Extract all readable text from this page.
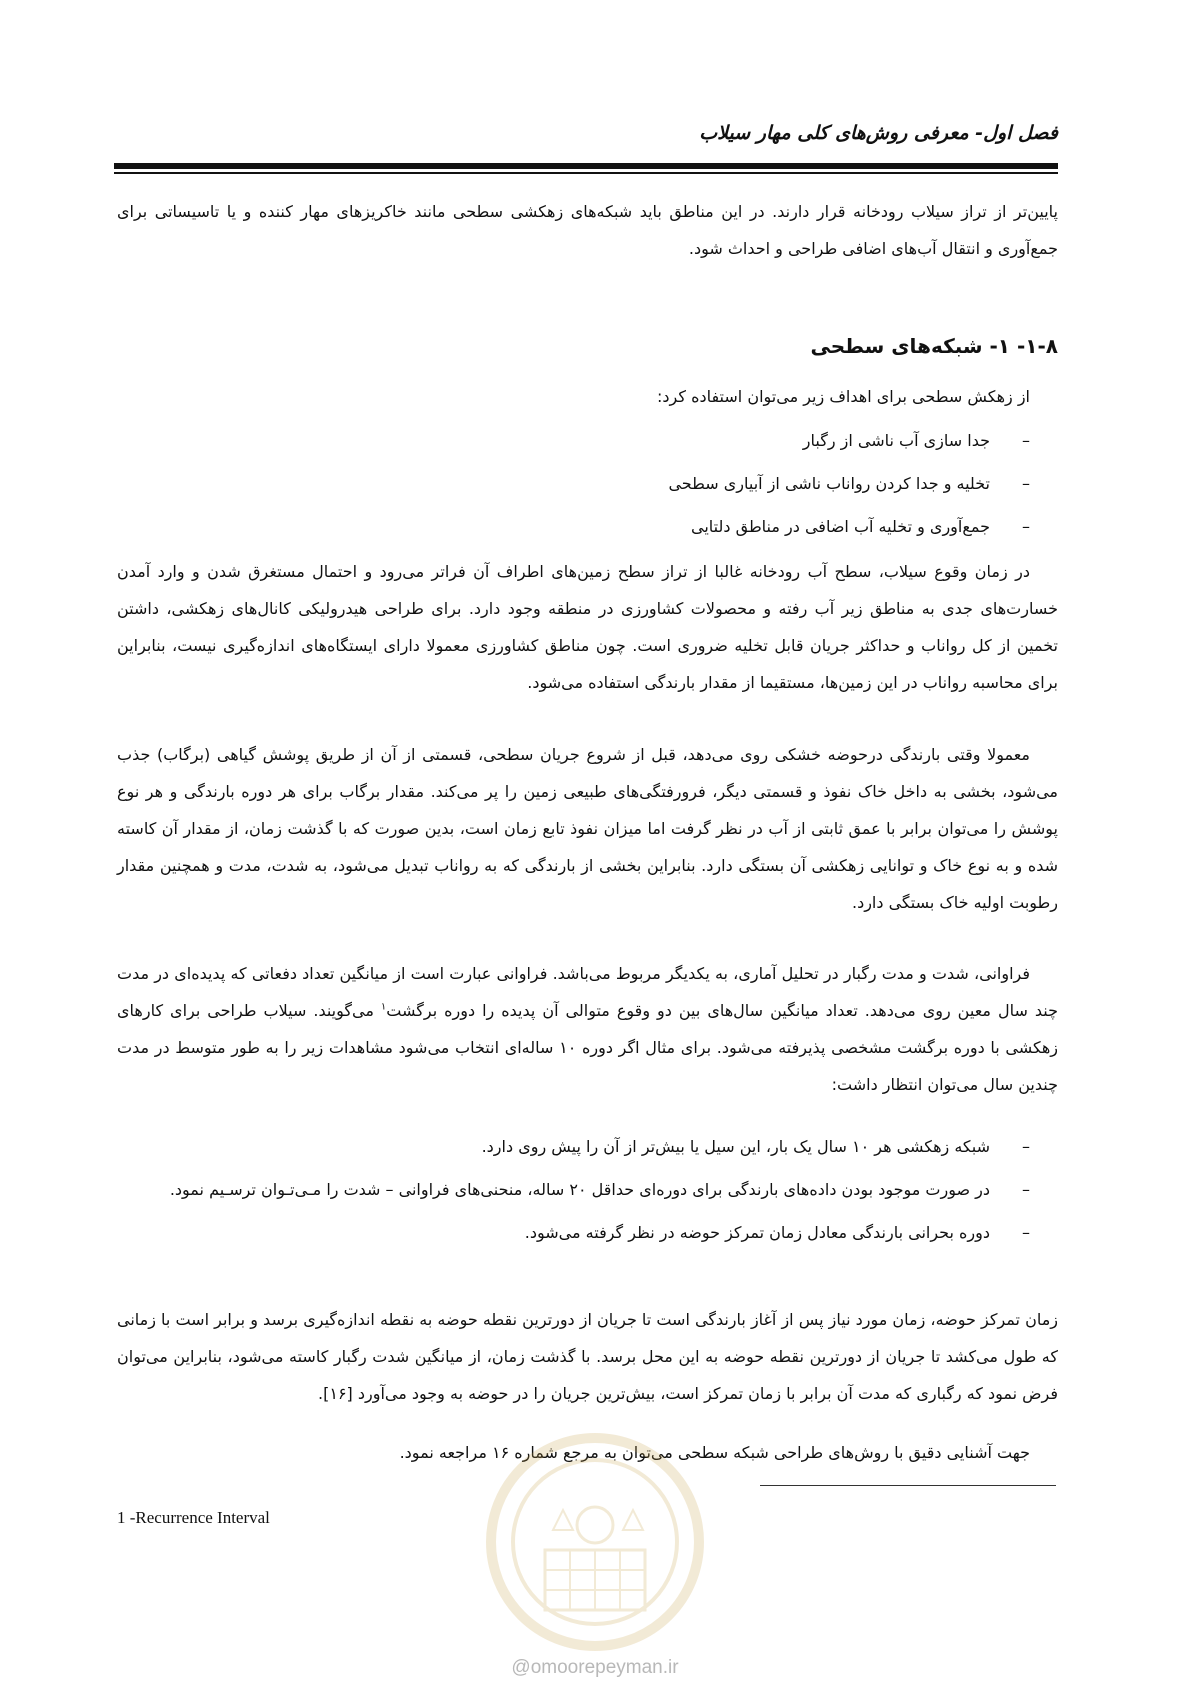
فصل اول- معرفی روش‌های کلی مهار سیلاب
پایین‌تر از تراز سیلاب رودخانه قرار دارند. در این مناطق باید شبکه‌های زهکشی سطحی مانند خاکریزهای مهار کننده و یا تاسیساتی برای جمع‌آوری و انتقال آب‌های اضافی طراحی و احداث شود.
۱-۸- ۱- شبکه‌های سطحی
از زهکش سطحی برای اهداف زیر می‌توان استفاده کرد:
–
جدا سازی آب ناشی از رگبار
–
تخلیه و جدا کردن رواناب ناشی از آبیاری سطحی
–
جمع‌آوری و تخلیه آب اضافی در مناطق دلتایی
در زمان وقوع سیلاب، سطح آب رودخانه غالبا از تراز سطح زمین‌های اطراف آن فراتر می‌رود و احتمال مستغرق شدن و وارد آمدن خسارت‌های جدی به مناطق زیر آب رفته و محصولات کشاورزی در منطقه وجود دارد. برای طراحی هیدرولیکی کانال‌های زهکشی، داشتن تخمین از کل رواناب و حداکثر جریان قابل تخلیه ضروری است. چون مناطق کشاورزی معمولا دارای ایستگاه‌های اندازه‌گیری نیست، بنابراین برای محاسبه رواناب در این زمین‌ها، مستقیما از مقدار بارندگی استفاده می‌شود.
معمولا وقتی بارندگی درحوضه خشکی روی می‌دهد، قبل از شروع جریان سطحی، قسمتی از آن از طریق پوشش گیاهی (برگاب) جذب می‌شود، بخشی به داخل خاک نفوذ و قسمتی دیگر، فرورفتگی‌های طبیعی زمین را پر می‌کند. مقدار برگاب برای هر دوره بارندگی و هر نوع پوشش را می‌توان برابر با عمق ثابتی از آب در نظر گرفت اما میزان نفوذ تابع زمان است، بدین صورت که با گذشت زمان، از مقدار آن کاسته شده و به نوع خاک و توانایی زهکشی آن بستگی دارد. بنابراین بخشی از بارندگی که به رواناب تبدیل می‌شود، به شدت، مدت و همچنین مقدار رطوبت اولیه خاک بستگی دارد.
فراوانی، شدت و مدت رگبار در تحلیل آماری، به یکدیگر مربوط می‌باشد. فراوانی عبارت است از میانگین تعداد دفعاتی که پدیده‌ای در مدت چند سال معین روی می‌دهد. تعداد میانگین سال‌های بین دو وقوع متوالی آن پدیده را دوره برگشت$^۱$ می‌گویند. سیلاب طراحی برای کارهای زهکشی با دوره برگشت مشخصی پذیرفته می‌شود. برای مثال اگر دوره ۱۰ ساله‌ای انتخاب می‌شود مشاهدات زیر را به طور متوسط در مدت چندین سال می‌توان انتظار داشت:
–
شبکه زهکشی هر ۱۰ سال یک بار، این سیل یا بیش‌تر از آن را پیش روی دارد.
–
در صورت موجود بودن داده‌های بارندگی برای دوره‌ای حداقل ۲۰ ساله، منحنی‌های فراوانی – شدت را مـی‌تـوان ترسـیم نمود.
–
دوره بحرانی بارندگی معادل زمان تمرکز حوضه در نظر گرفته می‌شود.
زمان تمرکز حوضه، زمان مورد نیاز پس از آغاز بارندگی است تا جریان از دورترین نقطه حوضه به نقطه اندازه‌گیری برسد و برابر است با زمانی که طول می‌کشد تا جریان از دورترین نقطه حوضه به این محل برسد. با گذشت زمان، از میانگین شدت رگبار کاسته می‌شود، بنابراین می‌توان فرض نمود که رگباری که مدت آن برابر با زمان تمرکز است، بیش‌ترین جریان را در حوضه به وجود می‌آورد [۱۶].
جهت آشنایی دقیق با روش‌های طراحی شبکه سطحی می‌توان به مرجع شماره ۱۶ مراجعه نمود.
1 -Recurrence Interval
@omoorepeyman.ir
